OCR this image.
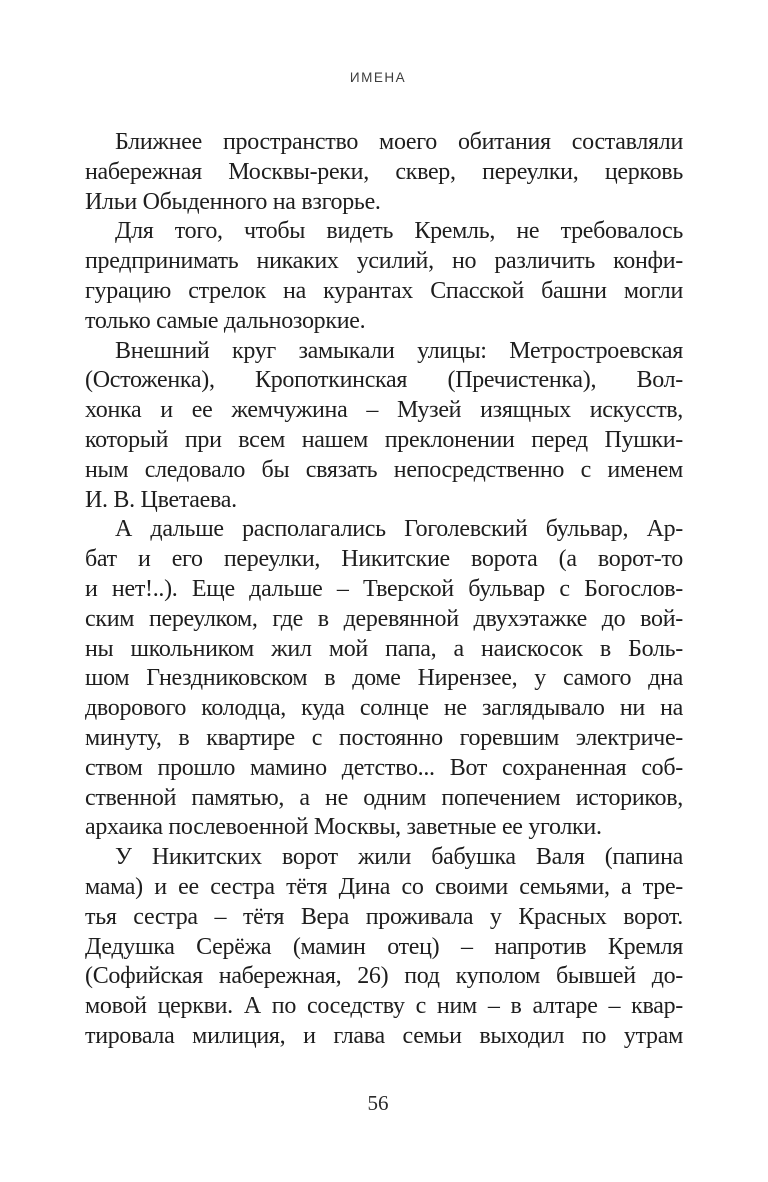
ИМЕНА
Ближнее пространство моего обитания составляли
набережная Москвы-реки, сквер, переулки, церковь
Ильи Обыденного на взгорье.
Для того, чтобы видеть Кремль, не требовалось
предпринимать никаких усилий, но различить конфи-
гурацию стрелок на курантах Спасской башни могли
только самые дальнозоркие.
Внешний круг замыкали улицы: Метростроевская
(Остоженка), Кропоткинская (Пречистенка), Вол-
хонка и ее жемчужина – Музей изящных искусств,
который при всем нашем преклонении перед Пушки-
ным следовало бы связать непосредственно с именем
И. В. Цветаева.
А дальше располагались Гоголевский бульвар, Ар-
бат и его переулки, Никитские ворота (а ворот-то
и нет!..). Еще дальше – Тверской бульвар с Богослов-
ским переулком, где в деревянной двухэтажке до вой-
ны школьником жил мой папа, а наискосок в Боль-
шом Гнездниковском в доме Нирензее, у самого дна
дворового колодца, куда солнце не заглядывало ни на
минуту, в квартире с постоянно горевшим электриче-
ством прошло мамино детство... Вот сохраненная соб-
ственной памятью, а не одним попечением историков,
архаика послевоенной Москвы, заветные ее уголки.
У Никитских ворот жили бабушка Валя (папина
мама) и ее сестра тётя Дина со своими семьями, а тре-
тья сестра – тётя Вера проживала у Красных ворот.
Дедушка Серёжа (мамин отец) – напротив Кремля
(Софийская набережная, 26) под куполом бывшей до-
мовой церкви. А по соседству с ним – в алтаре – квар-
тировала милиция, и глава семьи выходил по утрам
56
